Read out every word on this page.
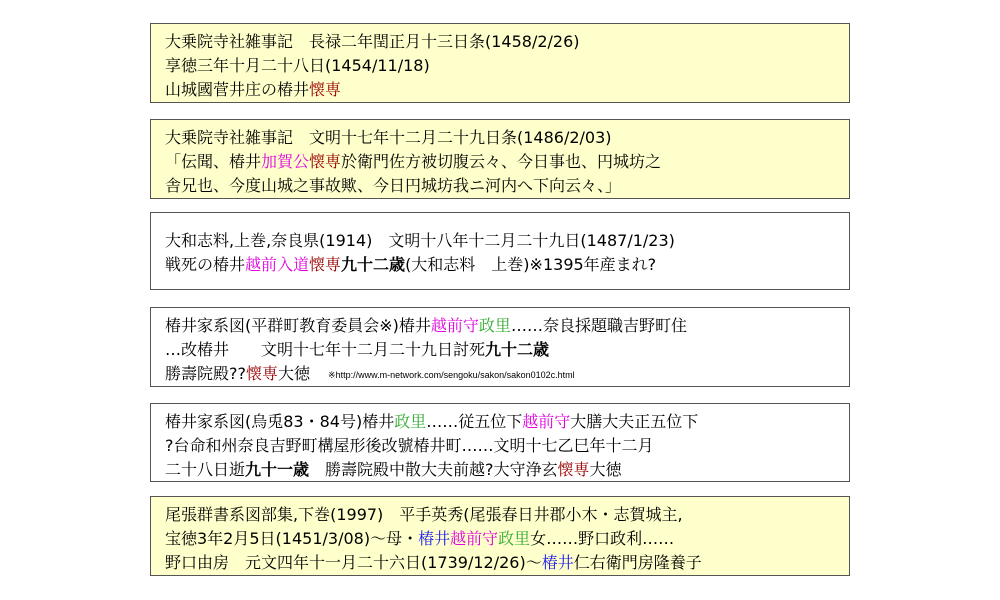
大乗院寺社雑事記　長禄二年閏正月十三日条(1458/2/26)
享徳三年十月二十八日(1454/11/18)
山城國菅井庄の椿井懐専
大乗院寺社雑事記　文明十七年十二月二十九日条(1486/2/03)
「伝聞、椿井加賀公懐専於衛門佐方被切腹云々、今日事也、円城坊之
舎兄也、今度山城之事故歟、今日円城坊我ニ河内へ下向云々、」
大和志料,上巻,奈良県(1914)　文明十八年十二月二十九日(1487/1/23)
戦死の椿井越前入道懐専九十二歳(大和志料　上巻)※1395年産まれ?
椿井家系図(平群町教育委員会※)椿井越前守政里……奈良採題職吉野町住
…改椿井　　文明十七年十二月二十九日討死九十二歳
勝壽院殿??懐専大徳 ※http://www.m-network.com/sengoku/sakon/sakon0102c.html
椿井家系図(烏兎83・84号)椿井政里……従五位下越前守大膳大夫正五位下
?台命和州奈良吉野町構屋形後改號椿井町……文明十七乙巳年十二月
二十八日逝九十一歳　勝壽院殿中散大夫前越?大守浄玄懐専大徳
尾張群書系図部集,下巻(1997)　平手英秀(尾張春日井郡小木・志賀城主,
宝徳3年2月5日(1451/3/08)～母・椿井越前守政里女……野口政利……
野口由房　元文四年十一月二十六日(1739/12/26)～椿井仁右衛門房隆養子
